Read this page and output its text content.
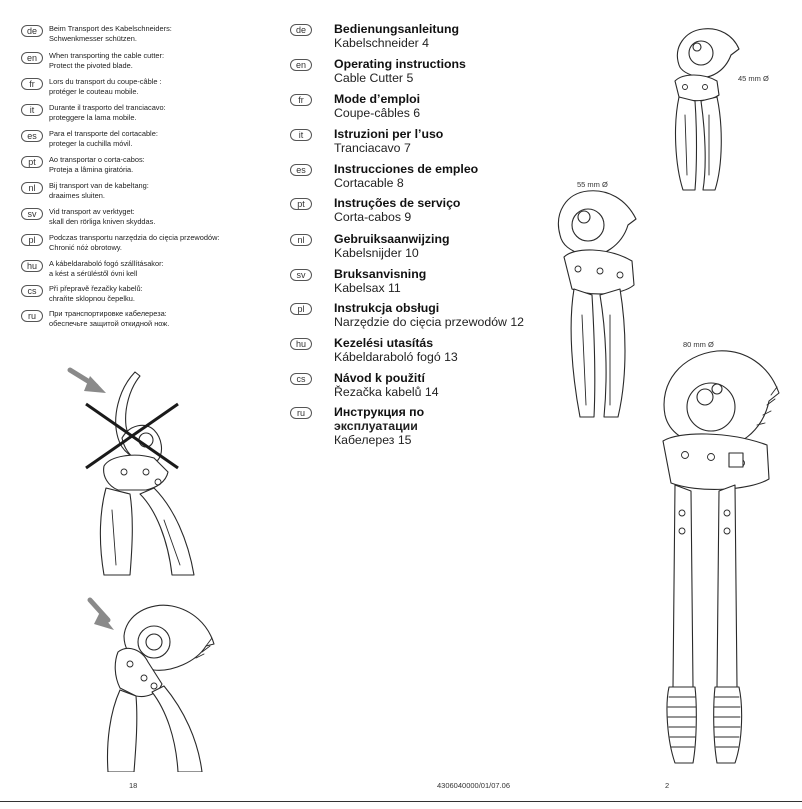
de	Beim Transport des Kabelschneiders:
Schwenkmesser schützen.
en	When transporting the cable cutter:
Protect the pivoted blade.
fr	Lors du transport du coupe-câble :
protéger le couteau mobile.
it	Durante il trasporto del tranciacavo:
proteggere la lama mobile.
es	Para el transporte del cortacable:
proteger la cuchilla móvil.
pt	Ao transportar o corta-cabos:
Proteja a lâmina giratória.
nl	Bij transport van de kabeltang:
draaimes sluiten.
sv	Vid transport av verktyget:
skall den rörliga kniven skyddas.
pl	Podczas transportu narzędzia do cięcia przewodów:
Chronić nóż obrotowy.
hu	A kábeldaraboló fogó szállításakor:
a kést a sérüléstől óvni kell
cs	Při přepravě řezačky kabelů:
chraňte sklopnou čepelku.
ru	При транспортировке кабелереза:
обеспечьте защитой откидной нож.
de	Bedienungsanleitung
Kabelschneider 4
en	Operating instructions
Cable Cutter 5
fr	Mode d’emploi
Coupe-câbles 6
it	Istruzioni per l’uso
Tranciacavo 7
es	Instrucciones de empleo
Cortacable 8
pt	Instruções de serviço
Corta-cabos 9
nl	Gebruiksaanwijzing
Kabelsnijder 10
sv	Bruksanvisning
Kabelsax 11
pl	Instrukcja obsługi
Narzędzie do cięcia przewodów 12
hu	Kezelési utasítás
Kábeldaraboló fogó 13
cs	Návod k použití
Řezačka kabelů 14
ru	Инструкция по
эксплуатации
Кабелерез 15
45 mm Ø
55 mm Ø
80 mm Ø
18	4306040000/01/07.06	2
